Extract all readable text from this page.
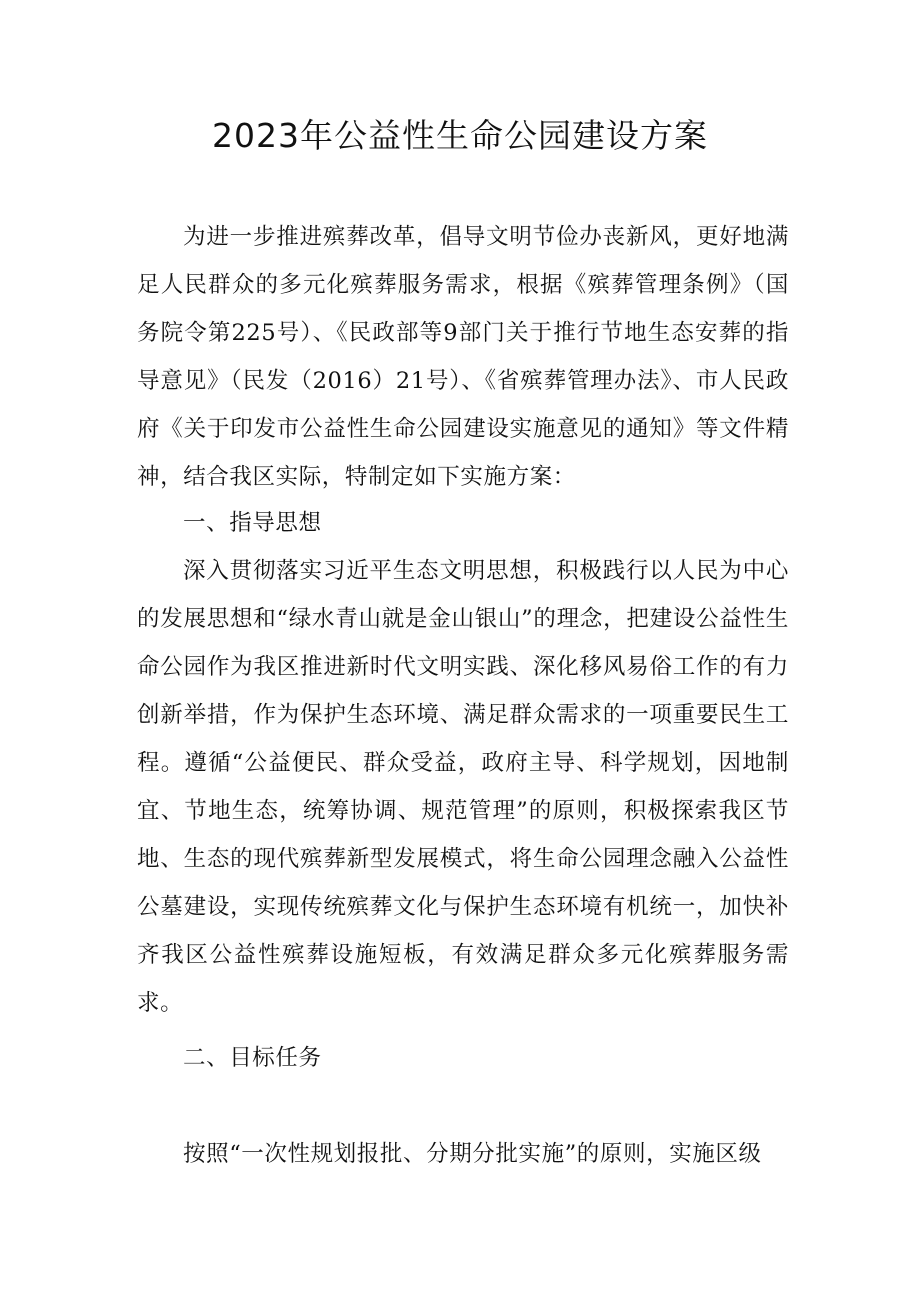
2023年公益性生命公园建设方案

为进一步推进殡葬改革，倡导文明节俭办丧新风，更好地满足人民群众的多元化殡葬服务需求，根据《殡葬管理条例》（国务院令第225号）、《民政部等9部门关于推行节地生态安葬的指导意见》（民发（2016）21号）、《省殡葬管理办法》、市人民政府《关于印发市公益性生命公园建设实施意见的通知》等文件精神，结合我区实际，特制定如下实施方案：

一、指导思想

深入贯彻落实习近平生态文明思想，积极践行以人民为中心的发展思想和“绿水青山就是金山银山”的理念，把建设公益性生命公园作为我区推进新时代文明实践、深化移风易俗工作的有力创新举措，作为保护生态环境、满足群众需求的一项重要民生工程。遵循“公益便民、群众受益，政府主导、科学规划，因地制宜、节地生态，统筹协调、规范管理”的原则，积极探索我区节地、生态的现代殡葬新型发展模式，将生命公园理念融入公益性公墓建设，实现传统殡葬文化与保护生态环境有机统一，加快补齐我区公益性殡葬设施短板，有效满足群众多元化殡葬服务需求。

二、目标任务

按照“一次性规划报批、分期分批实施”的原则，实施区级
